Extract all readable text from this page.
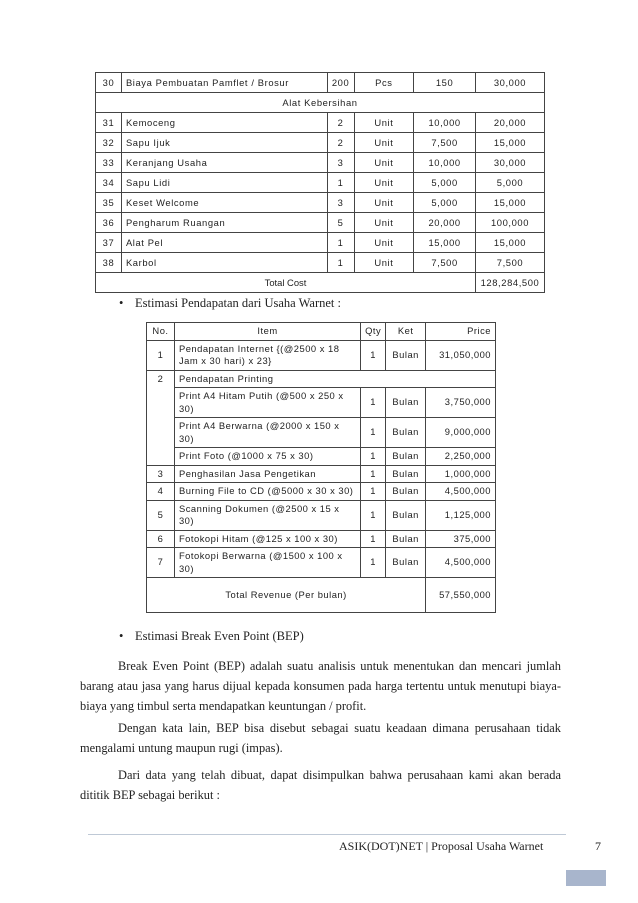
30	Biaya Pembuatan Pamflet / Brosur	200	Pcs	150	30,000
Alat Kebersihan					
31	Kemoceng	2	Unit	10,000	20,000
32	Sapu Ijuk	2	Unit	7,500	15,000
33	Keranjang Usaha	3	Unit	10,000	30,000
34	Sapu Lidi	1	Unit	5,000	5,000
35	Keset Welcome	3	Unit	5,000	15,000
36	Pengharum Ruangan	5	Unit	20,000	100,000
37	Alat Pel	1	Unit	15,000	15,000
38	Karbol	1	Unit	7,500	7,500
Total Cost					128,284,500
• Estimasi Pendapatan dari Usaha Warnet :
No.	Item	Qty	Ket	Price
1	Pendapatan Internet {(@2500 x 18 Jam x 30 hari) x 23}	1	Bulan	31,050,000
2	Pendapatan Printing			
	Print A4 Hitam Putih (@500 x 250 x 30)	1	Bulan	3,750,000
	Print A4 Berwarna (@2000 x 150 x 30)	1	Bulan	9,000,000
	Print Foto (@1000 x 75 x 30)	1	Bulan	2,250,000
3	Penghasilan Jasa Pengetikan	1	Bulan	1,000,000
4	Burning File to CD (@5000 x 30 x 30)	1	Bulan	4,500,000
5	Scanning Dokumen (@2500 x 15 x 30)	1	Bulan	1,125,000
6	Fotokopi Hitam (@125 x 100 x 30)	1	Bulan	375,000
7	Fotokopi Berwarna (@1500 x 100 x 30)	1	Bulan	4,500,000
Total Revenue (Per bulan)				57,550,000
• Estimasi Break Even Point (BEP)
Break Even Point (BEP) adalah suatu analisis untuk menentukan dan mencari jumlah barang atau jasa yang harus dijual kepada konsumen pada harga tertentu untuk menutupi biaya-biaya yang timbul serta mendapatkan keuntungan / profit.
Dengan kata lain, BEP bisa disebut sebagai suatu keadaan dimana perusahaan tidak mengalami untung maupun rugi (impas).
Dari data yang telah dibuat, dapat disimpulkan bahwa perusahaan kami akan berada dititik BEP sebagai berikut :
ASIK(DOT)NET | Proposal Usaha Warnet	7
